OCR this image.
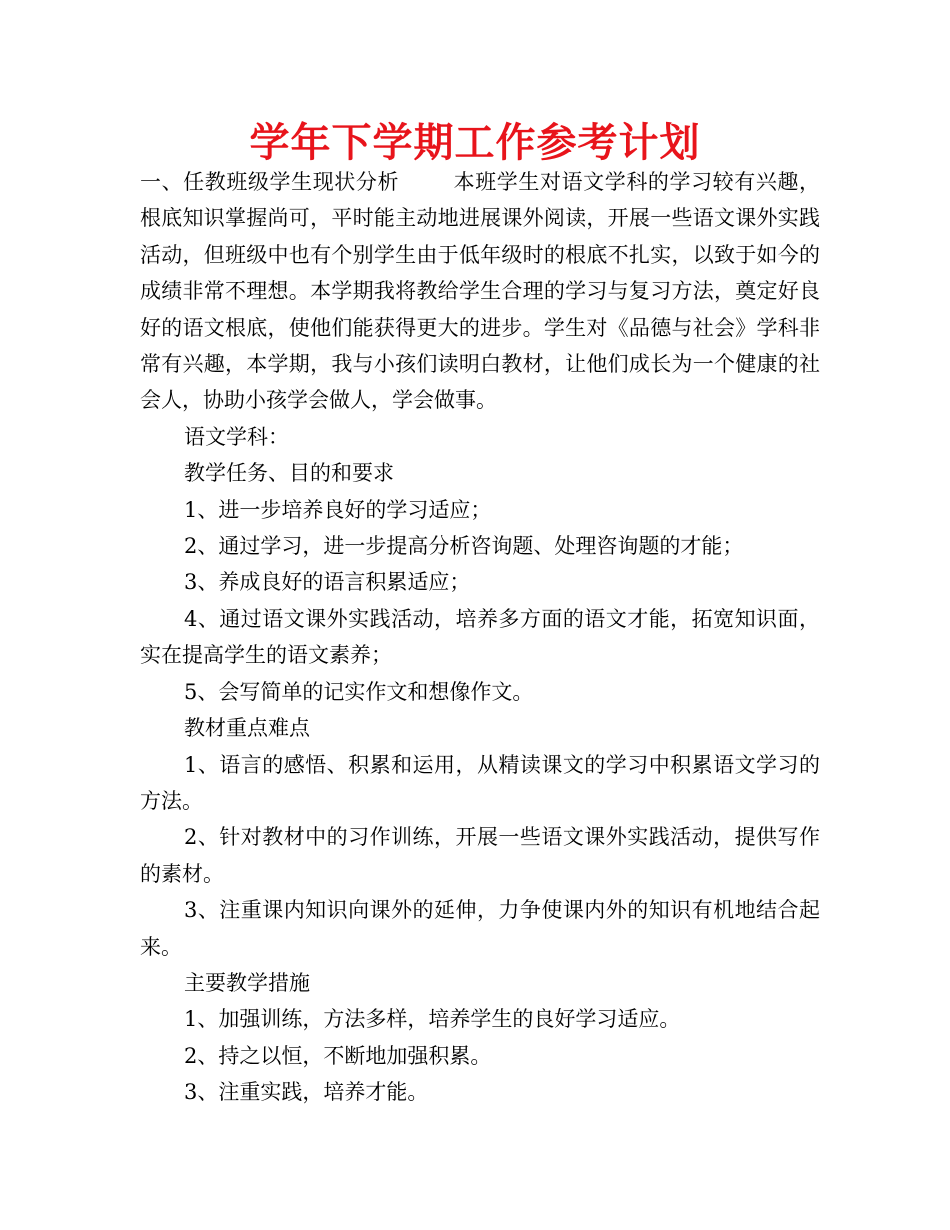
学年下学期工作参考计划

一、任教班级学生现状分析	本班学生对语文学科的学习较有兴趣，根底知识掌握尚可，平时能主动地进展课外阅读，开展一些语文课外实践活动，但班级中也有个别学生由于低年级时的根底不扎实，以致于如今的成绩非常不理想。本学期我将教给学生合理的学习与复习方法，奠定好良好的语文根底，使他们能获得更大的进步。学生对《品德与社会》学科非常有兴趣，本学期，我与小孩们读明白教材，让他们成长为一个健康的社会人，协助小孩学会做人，学会做事。

语文学科：

教学任务、目的和要求

1、进一步培养良好的学习适应；

2、通过学习，进一步提高分析咨询题、处理咨询题的才能；

3、养成良好的语言积累适应；

4、通过语文课外实践活动，培养多方面的语文才能，拓宽知识面，实在提高学生的语文素养；

5、会写简单的记实作文和想像作文。

教材重点难点

1、语言的感悟、积累和运用，从精读课文的学习中积累语文学习的方法。

2、针对教材中的习作训练，开展一些语文课外实践活动，提供写作的素材。

3、注重课内知识向课外的延伸，力争使课内外的知识有机地结合起来。

主要教学措施

1、加强训练，方法多样，培养学生的良好学习适应。

2、持之以恒，不断地加强积累。

3、注重实践，培养才能。
